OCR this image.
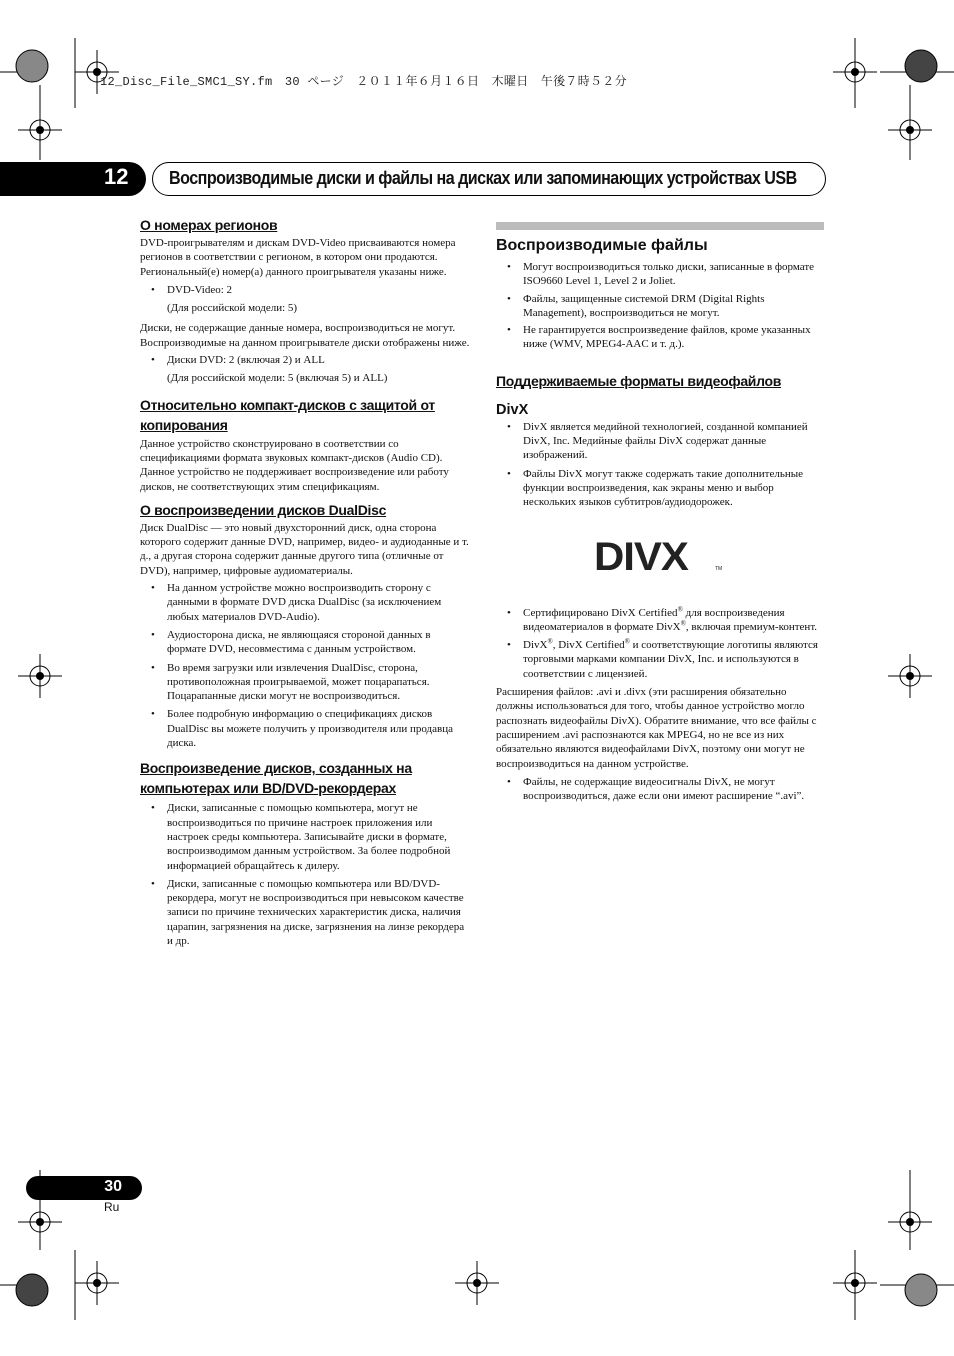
12_Disc_File_SMC1_SY.fm　30 ページ　２０１１年６月１６日　木曜日　午後７時５２分
12 Воспроизводимые диски и файлы на дисках или запоминающих устройствах USB
О номерах регионов

DVD-проигрывателям и дискам DVD-Video присваиваются номера регионов в соответствии с регионом, в котором они продаются. Региональный(е) номер(а) данного проигрывателя указаны ниже.

• DVD-Video: 2
(Для российской модели: 5)

Диски, не содержащие данные номера, воспроизводиться не могут. Воспроизводимые на данном проигрывателе диски отображены ниже.

• Диски DVD: 2 (включая 2) и ALL
(Для российской модели: 5 (включая 5) и ALL)
Относительно компакт-дисков с защитой от копирования

Данное устройство сконструировано в соответствии со спецификациями формата звуковых компакт-дисков (Audio CD). Данное устройство не поддерживает воспроизведение или работу дисков, не соответствующих этим спецификациям.

О воспроизведении дисков DualDisc

Диск DualDisc — это новый двухсторонний диск, одна сторона которого содержит данные DVD, например, видео- и аудиоданные и т. д., а другая сторона содержит данные другого типа (отличные от DVD), например, цифровые аудиоматериалы.

• На данном устройстве можно воспроизводить сторону с данными в формате DVD диска DualDisc (за исключением любых материалов DVD-Audio).
• Аудиосторона диска, не являющаяся стороной данных в формате DVD, несовместима с данным устройством.
• Во время загрузки или извлечения DualDisc, сторона, противоположная проигрываемой, может поцарапаться. Поцарапанные диски могут не воспроизводиться.
• Более подробную информацию о спецификациях дисков DualDisc вы можете получить у производителя или продавца диска.
Воспроизведение дисков, созданных на компьютерах или BD/DVD-рекордерах
• Диски, записанные с помощью компьютера, могут не воспроизводиться по причине настроек приложения или настроек среды компьютера. Записывайте диски в формате, воспроизводимом данным устройством. За более подробной информацией обращайтесь к дилеру.
• Диски, записанные с помощью компьютера или BD/DVD-рекордера, могут не воспроизводиться при невысоком качестве записи по причине технических характеристик диска, наличия царапин, загрязнения на диске, загрязнения на линзе рекордера и др.
Воспроизводимые файлы
• Могут воспроизводиться только диски, записанные в формате ISO9660 Level 1, Level 2 и Joliet.
• Файлы, защищенные системой DRM (Digital Rights Management), воспроизводиться не могут.
• Не гарантируется воспроизведение файлов, кроме указанных ниже (WMV, MPEG4-AAC и т. д.).
Поддерживаемые форматы видеофайлов
DivX
• DivX является медийной технологией, созданной компанией DivX, Inc. Медийные файлы DivX содержат данные изображений.
• Файлы DivX могут также содержать такие дополнительные функции воспроизведения, как экраны меню и выбор нескольких языков субтитров/аудиодорожек.
DIVX	TM
• Сертифицировано DivX Certified® для воспроизведения видеоматериалов в формате DivX®, включая премиум-контент.
• DivX®, DivX Certified® и соответствующие логотипы являются торговыми марками компании DivX, Inc. и используются в соответствии с лицензией.

Расширения файлов: .avi и .divx (эти расширения обязательно должны использоваться для того, чтобы данное устройство могло распознать видеофайлы DivX). Обратите внимание, что все файлы с расширением .avi распознаются как MPEG4, но не все из них обязательно являются видеофайлами DivX, поэтому они могут не воспроизводиться на данном устройстве.

• Файлы, не содержащие видеосигналы DivX, не могут воспроизводиться, даже если они имеют расширение “.avi”.
30
Ru
